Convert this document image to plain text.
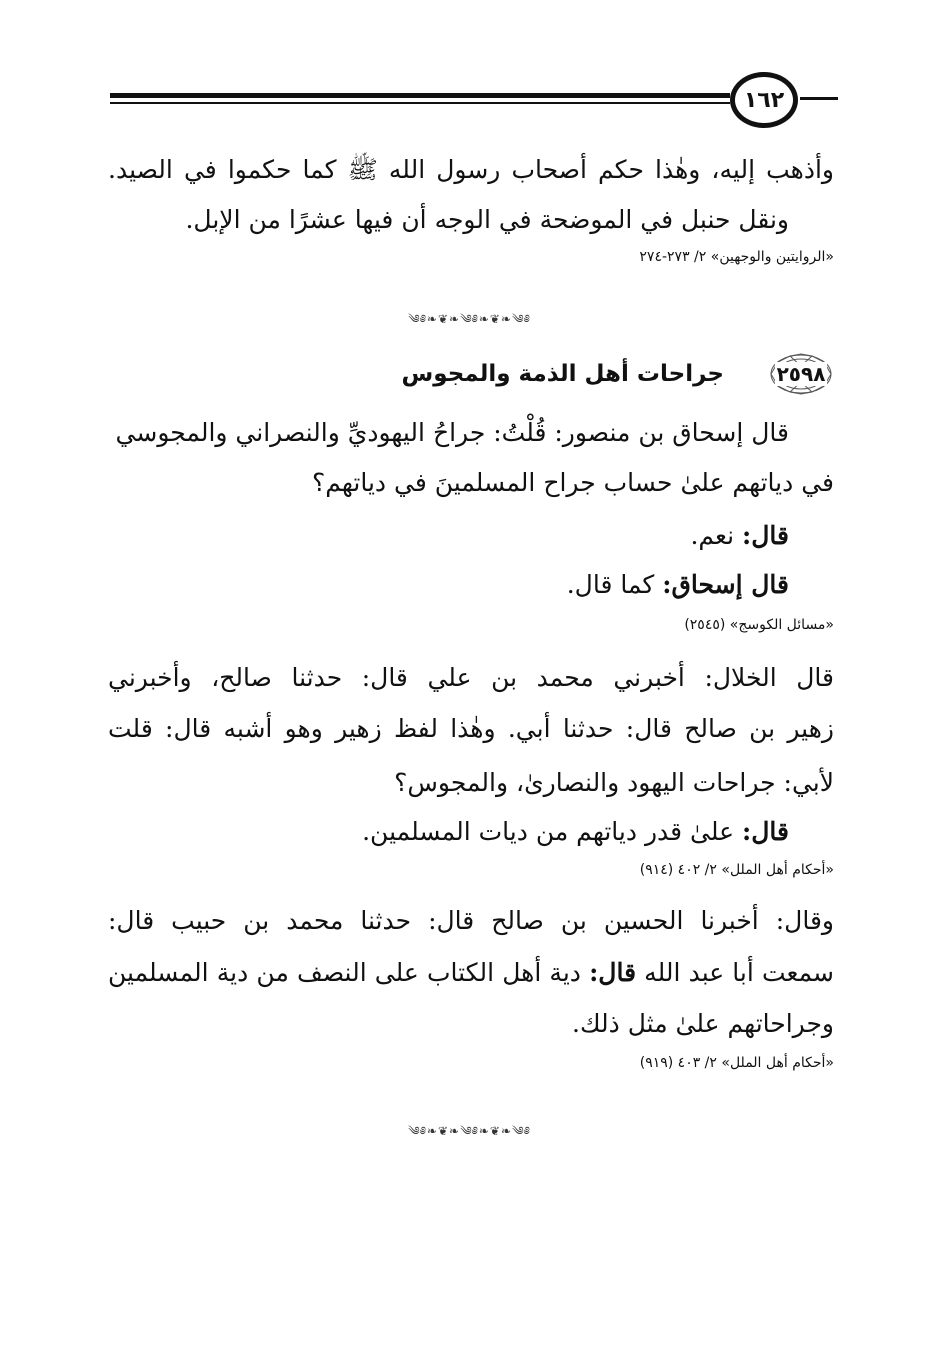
١٦٢
وأذهب إليه، وهٰذا حكم أصحاب رسول الله ﷺ كما حكموا في الصيد.
ونقل حنبل في الموضحة في الوجه أن فيها عشرًا من الإبل.
«الروايتين والوجهين» ٢/ ٢٧٣-٢٧٤
༄༅❧❦❧༄༅❧❦❧༄༅
٢٥٩٨
جراحات أهل الذمة والمجوس
قال إسحاق بن منصور: قُلْتُ: جراحُ اليهوديِّ والنصراني والمجوسي
في دياتهم علىٰ حساب جراح المسلمينَ في دياتهم؟
قال: نعم.
قال إسحاق: كما قال.
«مسائل الكوسج» (٢٥٤٥)
قال الخلال: أخبرني محمد بن علي قال: حدثنا صالح، وأخبرني
زهير بن صالح قال: حدثنا أبي. وهٰذا لفظ زهير وهو أشبه قال: قلت
لأبي: جراحات اليهود والنصارىٰ، والمجوس؟
قال: علىٰ قدر دياتهم من ديات المسلمين.
«أحكام أهل الملل» ٢/ ٤٠٢ (٩١٤)
وقال: أخبرنا الحسين بن صالح قال: حدثنا محمد بن حبيب قال:
سمعت أبا عبد الله قال: دية أهل الكتاب على النصف من دية المسلمين
وجراحاتهم علىٰ مثل ذلك.
«أحكام أهل الملل» ٢/ ٤٠٣ (٩١٩)
༄༅❧❦❧༄༅❧❦❧༄༅
